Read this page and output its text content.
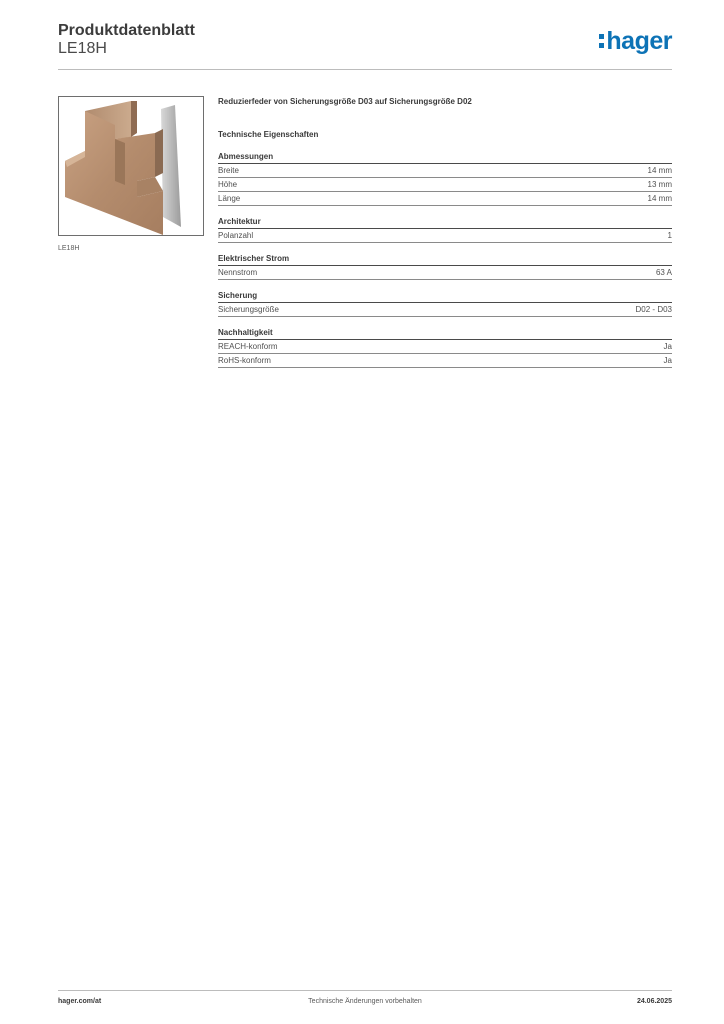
Produktdatenblatt
LE18H	hager
LE18H
Reduzierfeder von Sicherungsgröße D03 auf Sicherungsgröße D02
Technische Eigenschaften
Abmessungen
Breite	14 mm
Höhe	13 mm
Länge	14 mm
Architektur
Polanzahl	1
Elektrischer Strom
Nennstrom	63 A
Sicherung
Sicherungsgröße	D02 - D03
Nachhaltigkeit
REACH-konform	Ja
RoHS-konform	Ja
hager.com/at	Technische Änderungen vorbehalten	24.06.2025
